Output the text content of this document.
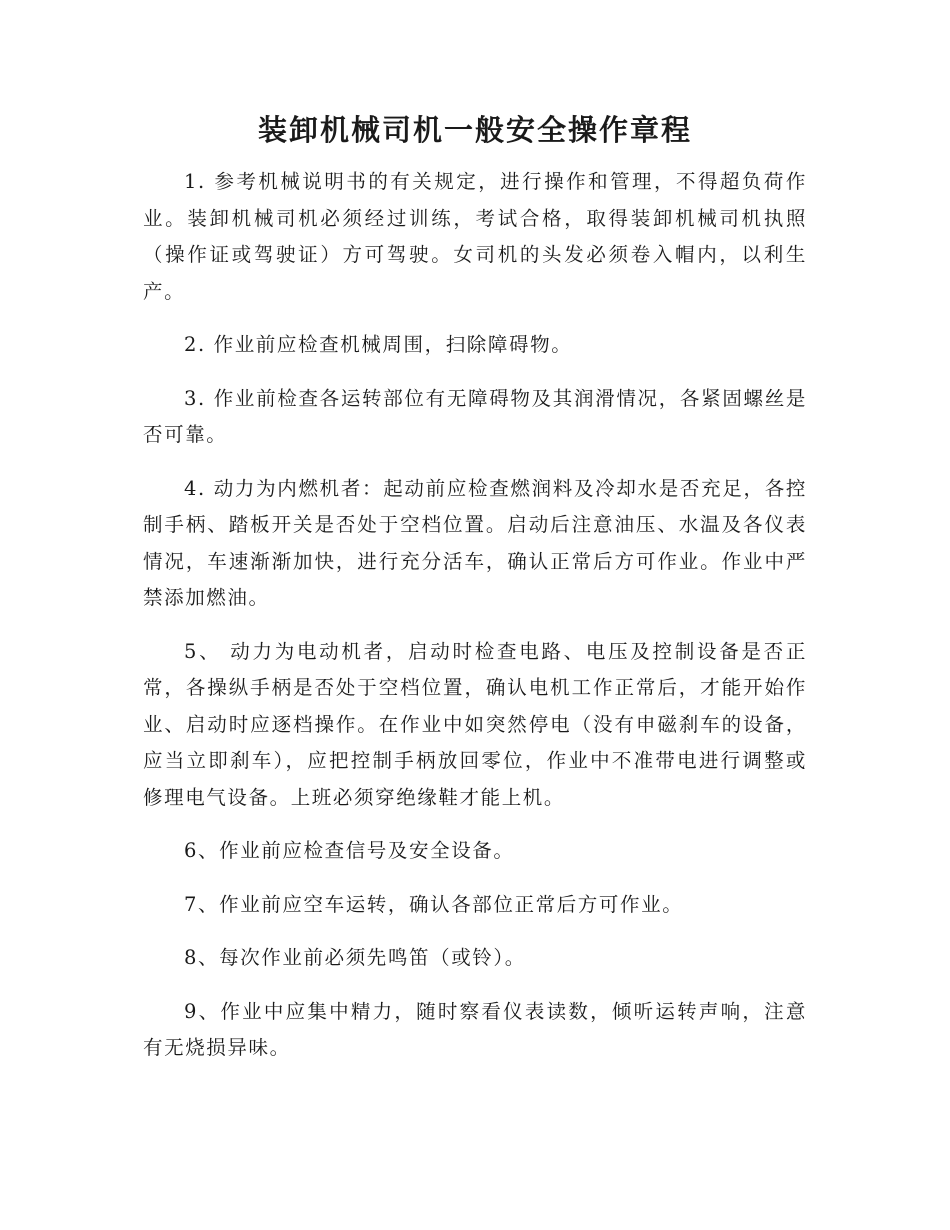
装卸机械司机一般安全操作章程

1. 参考机械说明书的有关规定，进行操作和管理，不得超负荷作业。装卸机械司机必须经过训练，考试合格，取得装卸机械司机执照（操作证或驾驶证）方可驾驶。女司机的头发必须卷入帽内，以利生产。

2. 作业前应检查机械周围，扫除障碍物。

3. 作业前检查各运转部位有无障碍物及其润滑情况，各紧固螺丝是否可靠。

4. 动力为内燃机者：起动前应检查燃润料及冷却水是否充足，各控制手柄、踏板开关是否处于空档位置。启动后注意油压、水温及各仪表情况，车速渐渐加快，进行充分活车，确认正常后方可作业。作业中严禁添加燃油。

5、 动力为电动机者，启动时检查电路、电压及控制设备是否正常，各操纵手柄是否处于空档位置，确认电机工作正常后，才能开始作业、启动时应逐档操作。在作业中如突然停电（没有申磁刹车的设备，应当立即刹车），应把控制手柄放回零位，作业中不准带电进行调整或修理电气设备。上班必须穿绝缘鞋才能上机。

6、作业前应检查信号及安全设备。

7、作业前应空车运转，确认各部位正常后方可作业。

8、每次作业前必须先鸣笛（或铃）。

9、作业中应集中精力，随时察看仪表读数，倾听运转声响，注意有无烧损异味。
